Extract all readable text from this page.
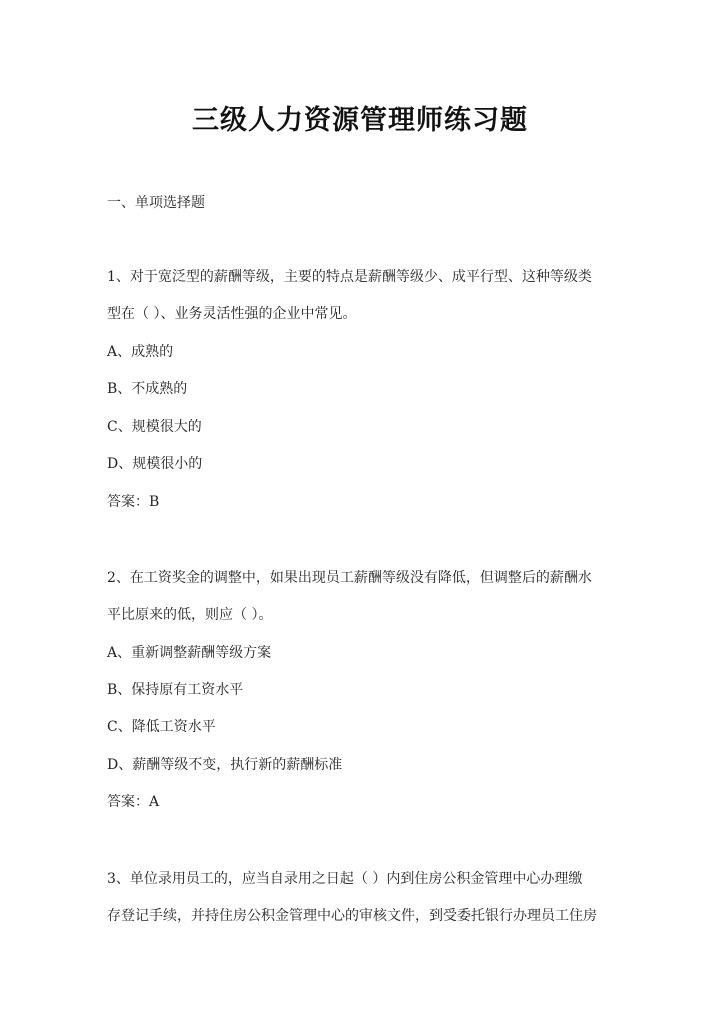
三级人力资源管理师练习题
一、单项选择题
1、对于宽泛型的薪酬等级，主要的特点是薪酬等级少、成平行型、这种等级类
型在（ ）、业务灵活性强的企业中常见。
A、成熟的
B、不成熟的
C、规模很大的
D、规模很小的
答案：B
2、在工资奖金的调整中，如果出现员工薪酬等级没有降低，但调整后的薪酬水
平比原来的低，则应（ ）。
A、重新调整薪酬等级方案
B、保持原有工资水平
C、降低工资水平
D、薪酬等级不变，执行新的薪酬标准
答案：A
3、单位录用员工的，应当自录用之日起（ ）内到住房公积金管理中心办理缴
存登记手续，并持住房公积金管理中心的审核文件，到受委托银行办理员工住房
